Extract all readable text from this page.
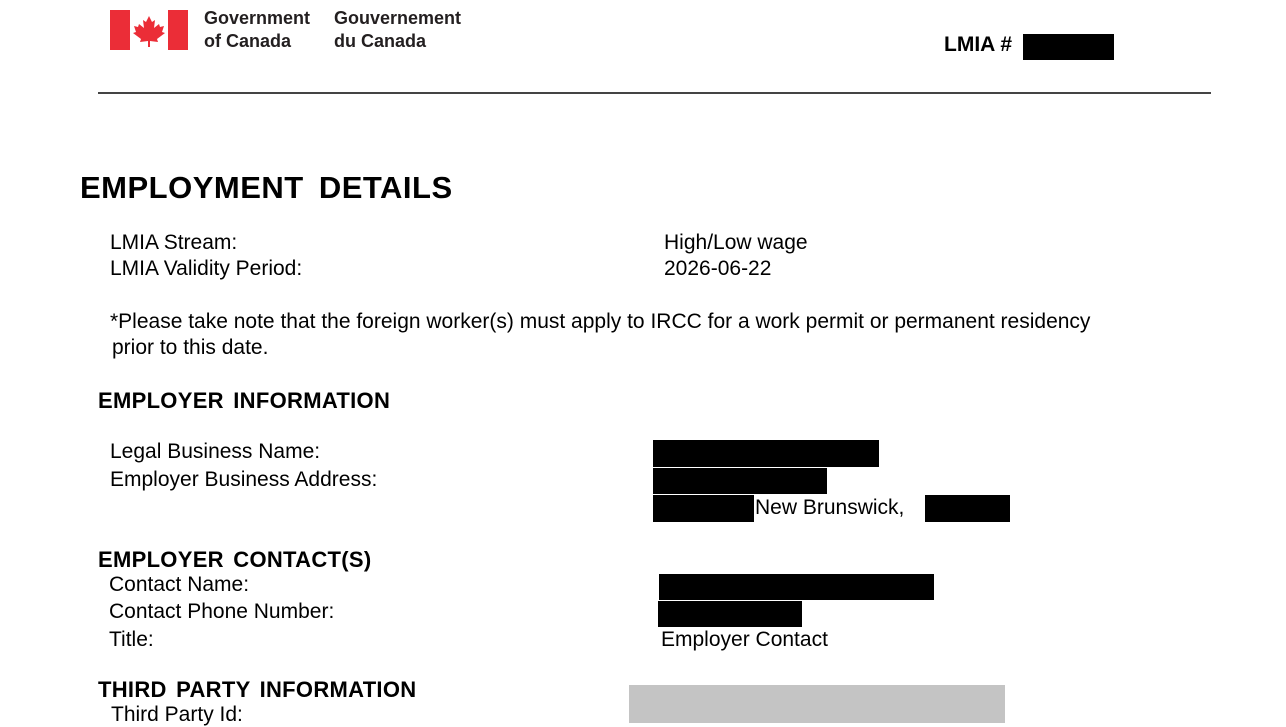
Government
of Canada
Gouvernement
du Canada	LMIA #
EMPLOYMENT DETAILS
LMIA Stream:	High/Low wage
LMIA Validity Period:	2026-06-22
*Please take note that the foreign worker(s) must apply to IRCC for a work permit or permanent residency
prior to this date.
EMPLOYER INFORMATION
Legal Business Name:
Employer Business Address:
New Brunswick,
EMPLOYER CONTACT(S)
Contact Name:
Contact Phone Number:
Title:	Employer Contact
THIRD PARTY INFORMATION
Third Party Id:
